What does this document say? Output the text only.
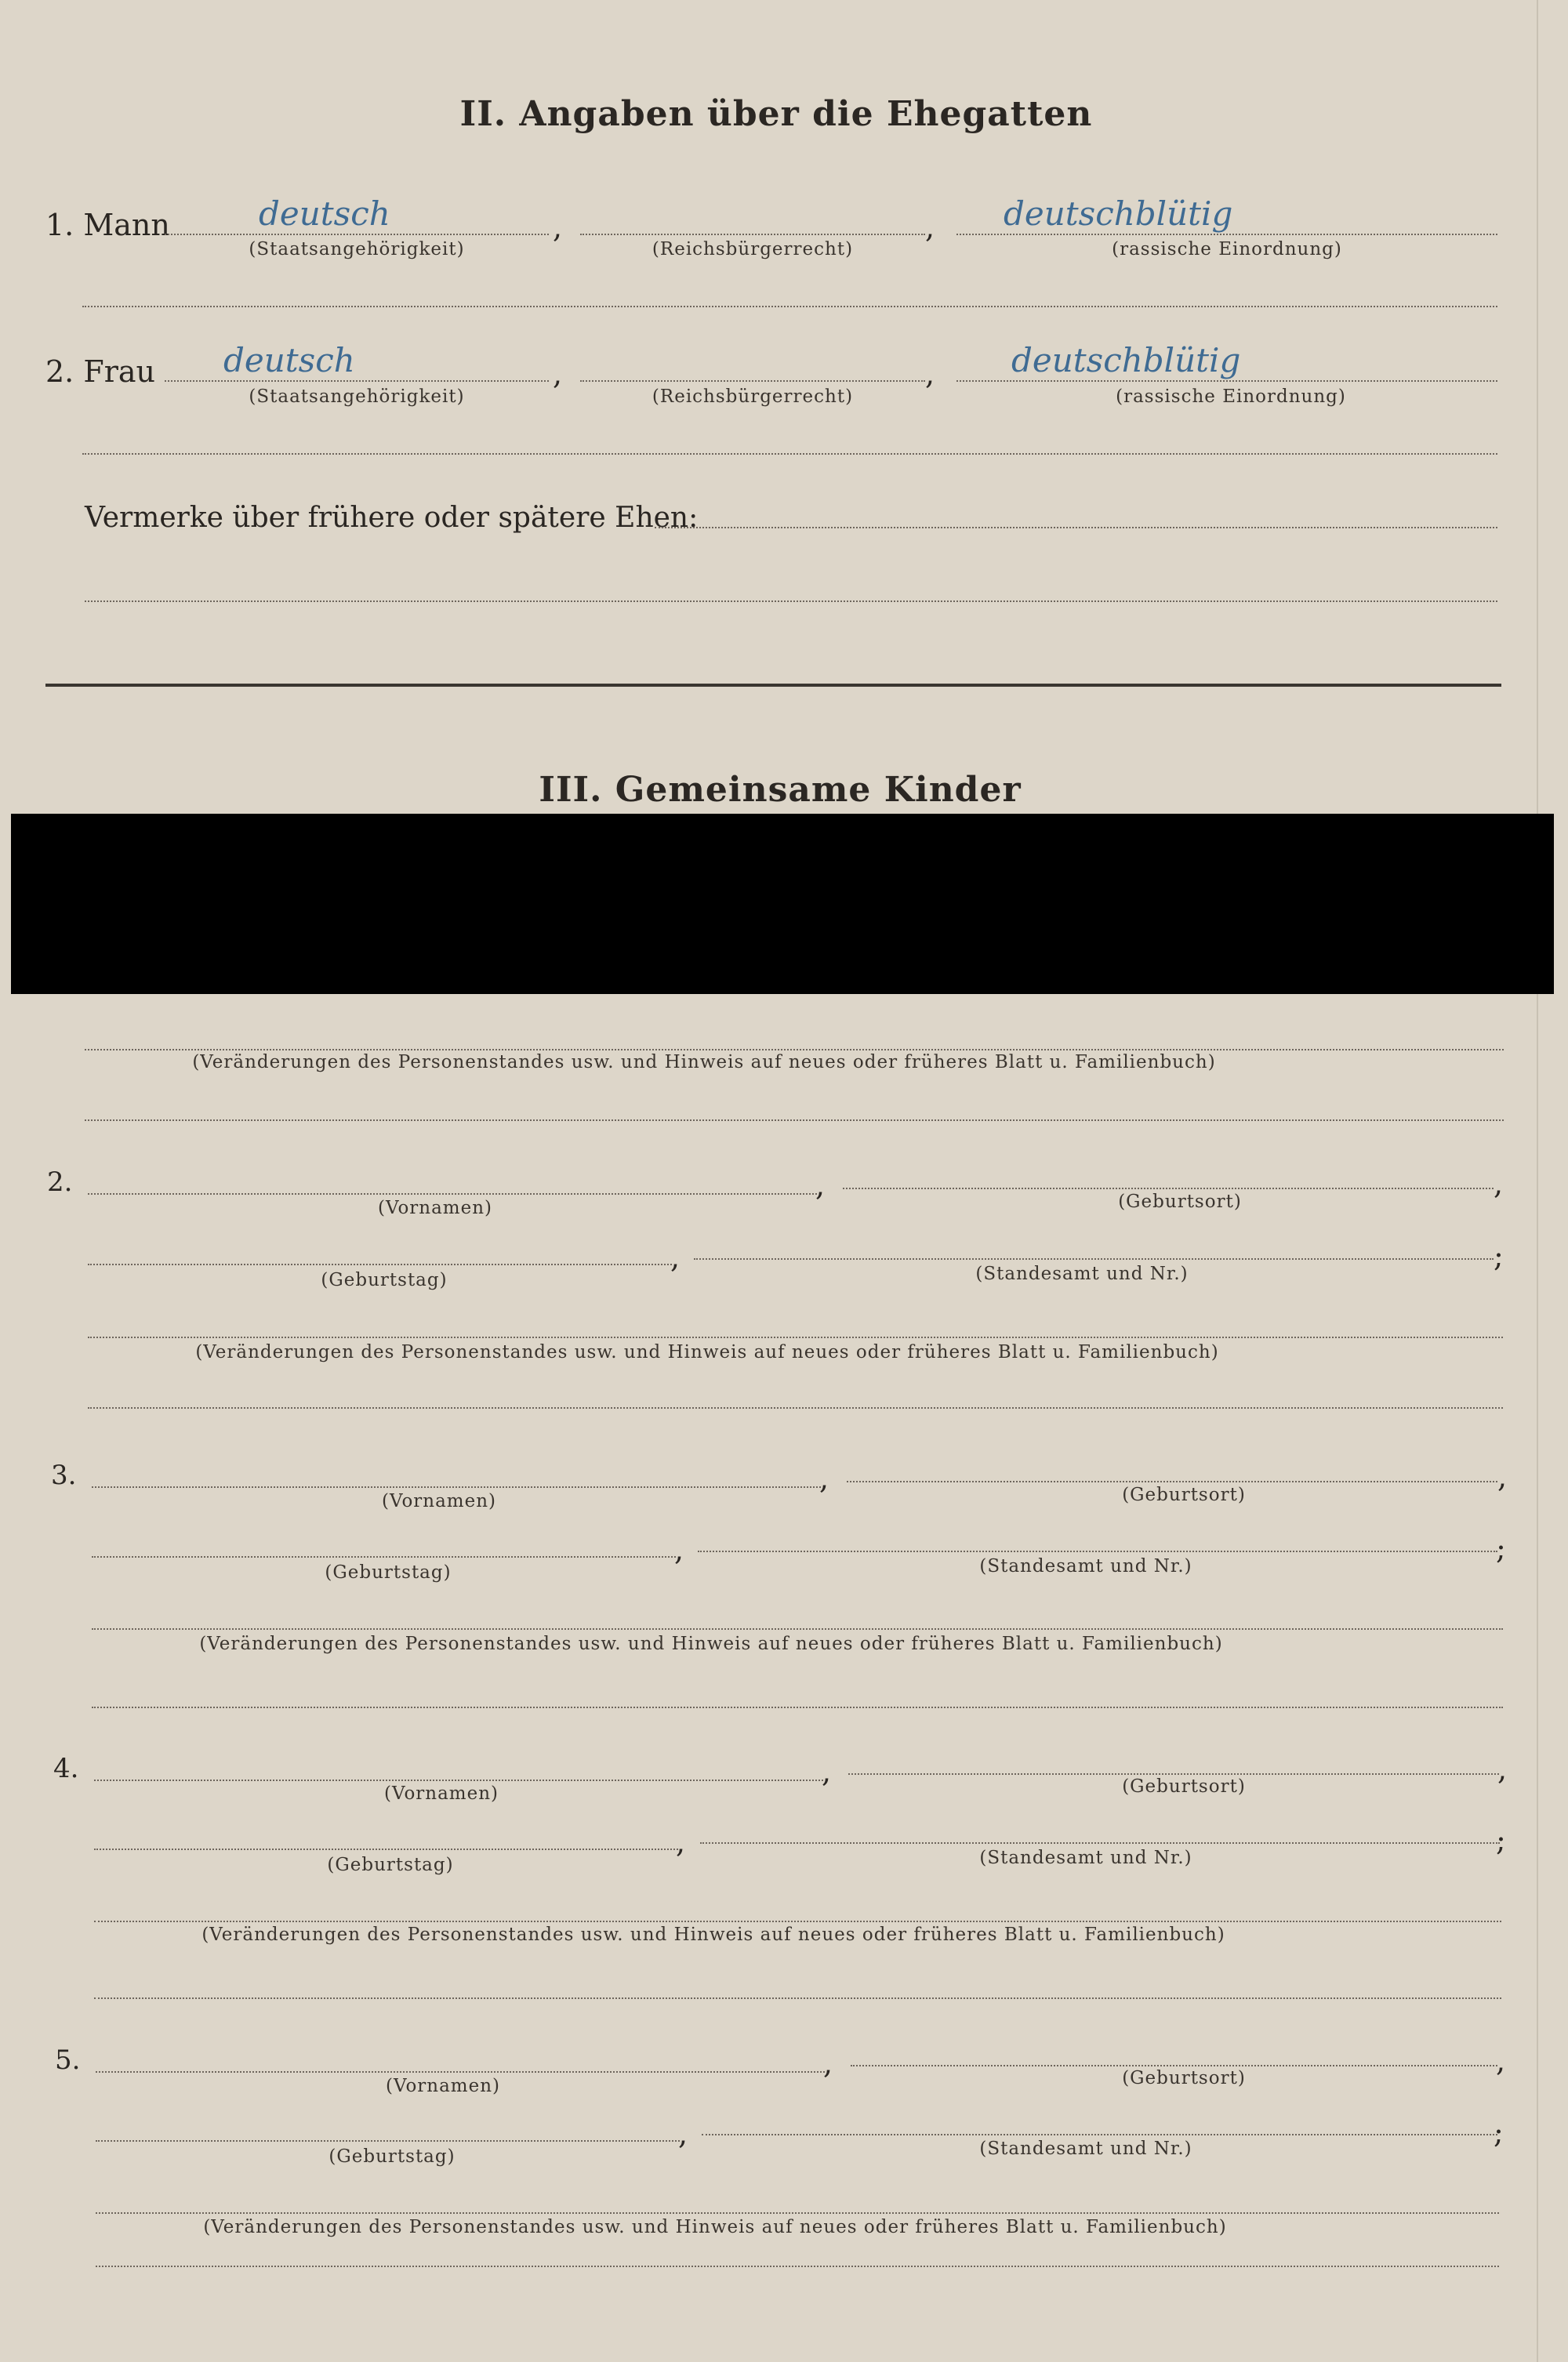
II. Angaben über die Ehegatten
1. Mann	deutsch	,	, deutschblütig
(Staatsangehörigkeit)	(Reichsbürgerrecht)	(rassische Einordnung)
2. Frau deutsch	,	, deutschblütig
(Staatsangehörigkeit)	(Reichsbürgerrecht)	(rassische Einordnung)
Vermerke über frühere oder spätere Ehen:
III. Gemeinsame Kinder
(Veränderungen des Personenstandes usw. und Hinweis auf neues oder früheres Blatt u. Familienbuch)
2.	,	,
(Vornamen)	(Geburtsort)
,	;
(Geburtstag)	(Standesamt und Nr.)
(Veränderungen des Personenstandes usw. und Hinweis auf neues oder früheres Blatt u. Familienbuch)
3.	,	,
(Vornamen)	(Geburtsort)
,	;
(Geburtstag)	(Standesamt und Nr.)
(Veränderungen des Personenstandes usw. und Hinweis auf neues oder früheres Blatt u. Familienbuch)
4.	,	,
(Vornamen)	(Geburtsort)
,	;
(Geburtstag)	(Standesamt und Nr.)
(Veränderungen des Personenstandes usw. und Hinweis auf neues oder früheres Blatt u. Familienbuch)
5.	,	,
(Vornamen)	(Geburtsort)
,	;
(Geburtstag)	(Standesamt und Nr.)
(Veränderungen des Personenstandes usw. und Hinweis auf neues oder früheres Blatt u. Familienbuch)
